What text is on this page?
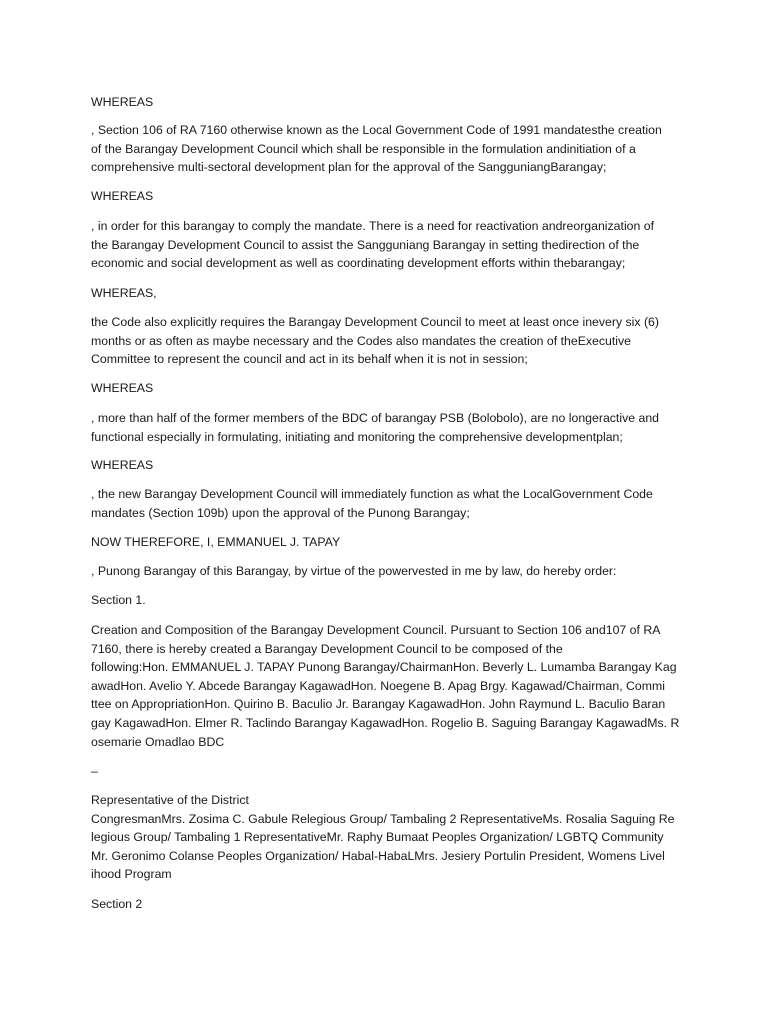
WHEREAS

, Section 106 of RA 7160 otherwise known as the Local Government Code of 1991 mandatesthe creation
of the Barangay Development Council which shall be responsible in the formulation andinitiation of a
comprehensive multi-sectoral development plan for the approval of the SangguniangBarangay;

WHEREAS

, in order for this barangay to comply the mandate. There is a need for reactivation andreorganization of
the Barangay Development Council to assist the Sangguniang Barangay in setting thedirection of the
economic and social development as well as coordinating development efforts within thebarangay;

WHEREAS,

the Code also explicitly requires the Barangay Development Council to meet at least once inevery six (6)
months or as often as maybe necessary and the Codes also mandates the creation of theExecutive
Committee to represent the council and act in its behalf when it is not in session;

WHEREAS

, more than half of the former members of the BDC of barangay PSB (Bolobolo), are no longeractive and
functional especially in formulating, initiating and monitoring the comprehensive developmentplan;

WHEREAS

, the new Barangay Development Council will immediately function as what the LocalGovernment Code
mandates (Section 109b) upon the approval of the Punong Barangay;

NOW THEREFORE, I, EMMANUEL J. TAPAY

, Punong Barangay of this Barangay, by virtue of the powervested in me by law, do hereby order:

Section 1.

Creation and Composition of the Barangay Development Council. Pursuant to Section 106 and107 of RA
7160, there is hereby created a Barangay Development Council to be composed of the
following:Hon. EMMANUEL J. TAPAY Punong Barangay/ChairmanHon. Beverly L. Lumamba Barangay Kag
awadHon. Avelio Y. Abcede Barangay KagawadHon. Noegene B. Apag Brgy. Kagawad/Chairman, Commi
ttee on AppropriationHon. Quirino B. Baculio Jr. Barangay KagawadHon. John Raymund L. Baculio Baran
gay KagawadHon. Elmer R. Taclindo Barangay KagawadHon. Rogelio B. Saguing Barangay KagawadMs. R
osemarie Omadlao BDC

–

Representative of the District
CongresmanMrs. Zosima C. Gabule Relegious Group/ Tambaling 2 RepresentativeMs. Rosalia Saguing Re
legious Group/ Tambaling 1 RepresentativeMr. Raphy Bumaat Peoples Organization/ LGBTQ Community
Mr. Geronimo Colanse Peoples Organization/ Habal-HabaLMrs. Jesiery Portulin President, Womens Livel
ihood Program

Section 2
